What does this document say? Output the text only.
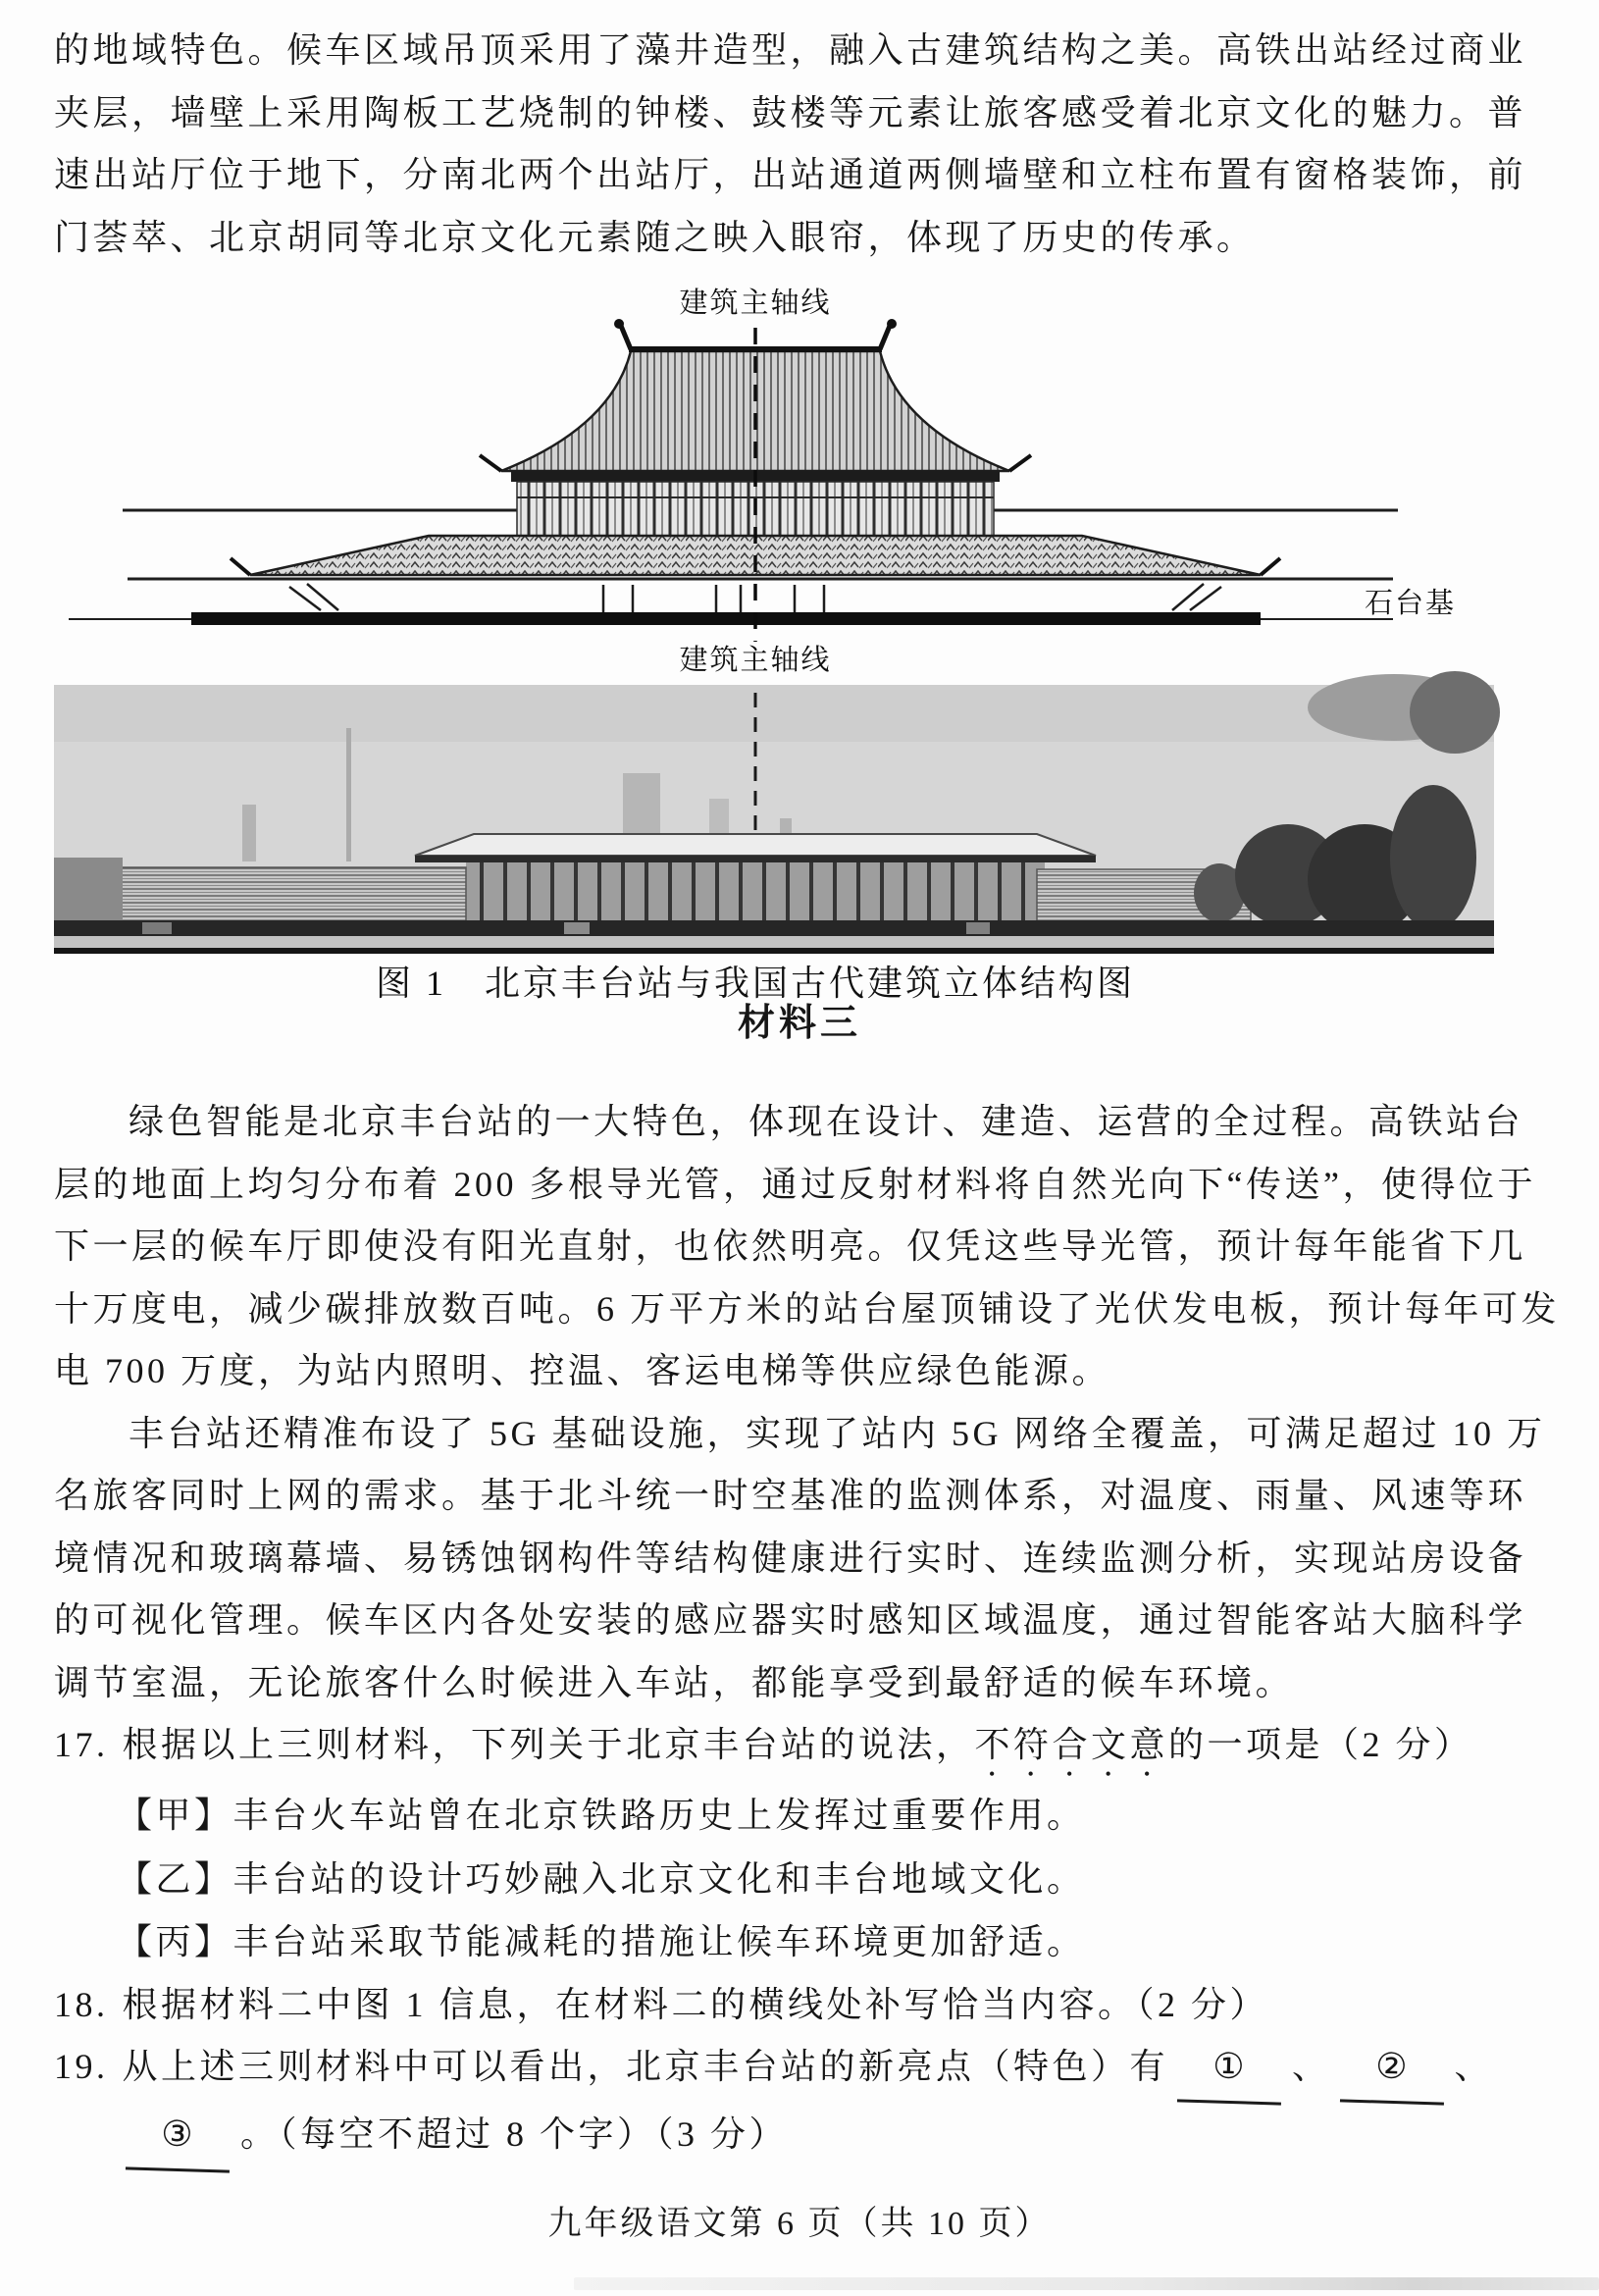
的地域特色。候车区域吊顶采用了藻井造型，融入古建筑结构之美。高铁出站经过商业
夹层，墙壁上采用陶板工艺烧制的钟楼、鼓楼等元素让旅客感受着北京文化的魅力。普
速出站厅位于地下，分南北两个出站厅，出站通道两侧墙壁和立柱布置有窗格装饰，前
门荟萃、北京胡同等北京文化元素随之映入眼帘，体现了历史的传承。
建筑主轴线
石台基
建筑主轴线
图 1　北京丰台站与我国古代建筑立体结构图
材料三
绿色智能是北京丰台站的一大特色，体现在设计、建造、运营的全过程。高铁站台
层的地面上均匀分布着 200 多根导光管，通过反射材料将自然光向下“传送”，使得位于
下一层的候车厅即使没有阳光直射，也依然明亮。仅凭这些导光管，预计每年能省下几
十万度电，减少碳排放数百吨。6 万平方米的站台屋顶铺设了光伏发电板，预计每年可发
电 700 万度，为站内照明、控温、客运电梯等供应绿色能源。
丰台站还精准布设了 5G 基础设施，实现了站内 5G 网络全覆盖，可满足超过 10 万
名旅客同时上网的需求。基于北斗统一时空基准的监测体系，对温度、雨量、风速等环
境情况和玻璃幕墙、易锈蚀钢构件等结构健康进行实时、连续监测分析，实现站房设备
的可视化管理。候车区内各处安装的感应器实时感知区域温度，通过智能客站大脑科学
调节室温，无论旅客什么时候进入车站，都能享受到最舒适的候车环境。
17. 根据以上三则材料，下列关于北京丰台站的说法，不符合文意的一项是（2 分）
【甲】丰台火车站曾在北京铁路历史上发挥过重要作用。
【乙】丰台站的设计巧妙融入北京文化和丰台地域文化。
【丙】丰台站采取节能减耗的措施让候车环境更加舒适。
18. 根据材料二中图 1 信息，在材料二的横线处补写恰当内容。（2 分）
19. 从上述三则材料中可以看出，北京丰台站的新亮点（特色）有 ① 、 ② 、
③ 。（每空不超过 8 个字）（3 分）
九年级语文第 6 页（共 10 页）
